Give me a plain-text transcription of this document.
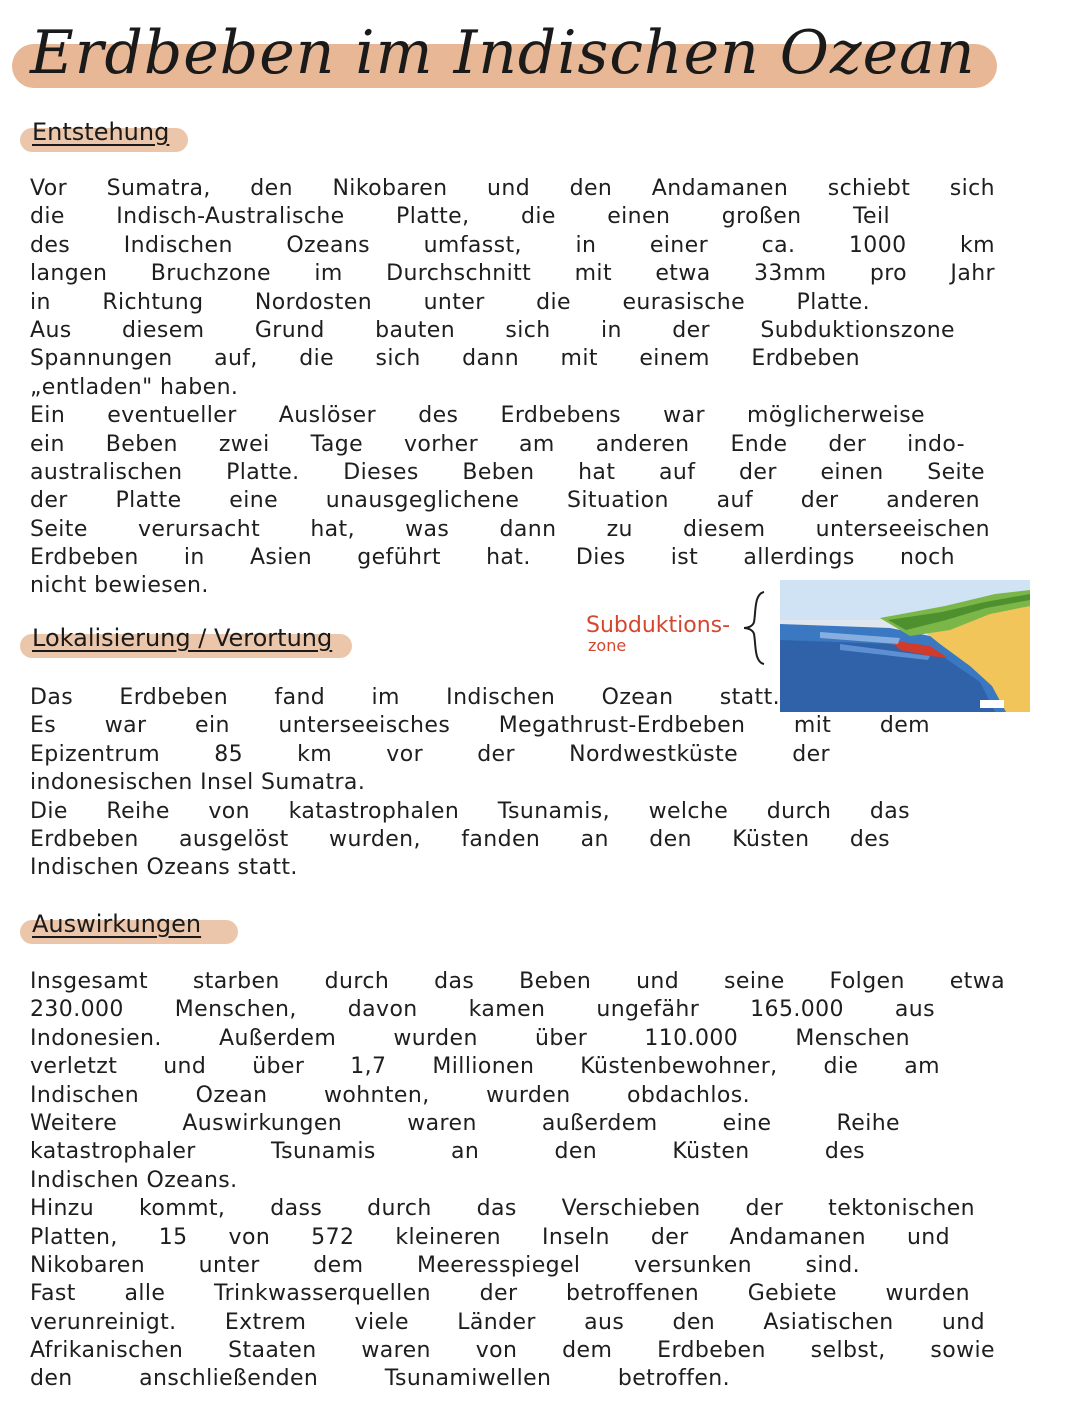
Erdbeben im Indischen Ozean
Entstehung
Vor Sumatra, den Nikobaren und den Andamanen schiebt sich
die Indisch-Australische Platte, die einen großen Teil
des Indischen Ozeans umfasst, in einer ca. 1000 km
langen Bruchzone im Durchschnitt mit etwa 33mm pro Jahr
in Richtung Nordosten unter die eurasische Platte.
Aus diesem Grund bauten sich in der Subduktionszone
Spannungen auf, die sich dann mit einem Erdbeben
„entladen" haben.
Ein eventueller Auslöser des Erdbebens war möglicherweise
ein Beben zwei Tage vorher am anderen Ende der indo-
australischen Platte. Dieses Beben hat auf der einen Seite
der Platte eine unausgeglichene Situation auf der anderen
Seite verursacht hat, was dann zu diesem unterseeischen
Erdbeben in Asien geführt hat. Dies ist allerdings noch
nicht bewiesen.
Lokalisierung / Verortung	Subduktions-
zone
Das Erdbeben fand im Indischen Ozean statt.
Es war ein unterseeisches Megathrust-Erdbeben mit dem
Epizentrum 85 km vor der Nordwestküste der
indonesischen Insel Sumatra.
Die Reihe von katastrophalen Tsunamis, welche durch das
Erdbeben ausgelöst wurden, fanden an den Küsten des
Indischen Ozeans statt.
Auswirkungen
Insgesamt starben durch das Beben und seine Folgen etwa
230.000 Menschen, davon kamen ungefähr 165.000 aus
Indonesien. Außerdem wurden über 110.000 Menschen
verletzt und über 1,7 Millionen Küstenbewohner, die am
Indischen Ozean wohnten, wurden obdachlos.
Weitere Auswirkungen waren außerdem eine Reihe
katastrophaler Tsunamis an den Küsten des
Indischen Ozeans.
Hinzu kommt, dass durch das Verschieben der tektonischen
Platten, 15 von 572 kleineren Inseln der Andamanen und
Nikobaren unter dem Meeresspiegel versunken sind.
Fast alle Trinkwasserquellen der betroffenen Gebiete wurden
verunreinigt. Extrem viele Länder aus den Asiatischen und
Afrikanischen Staaten waren von dem Erdbeben selbst, sowie
den anschließenden Tsunamiwellen betroffen.
